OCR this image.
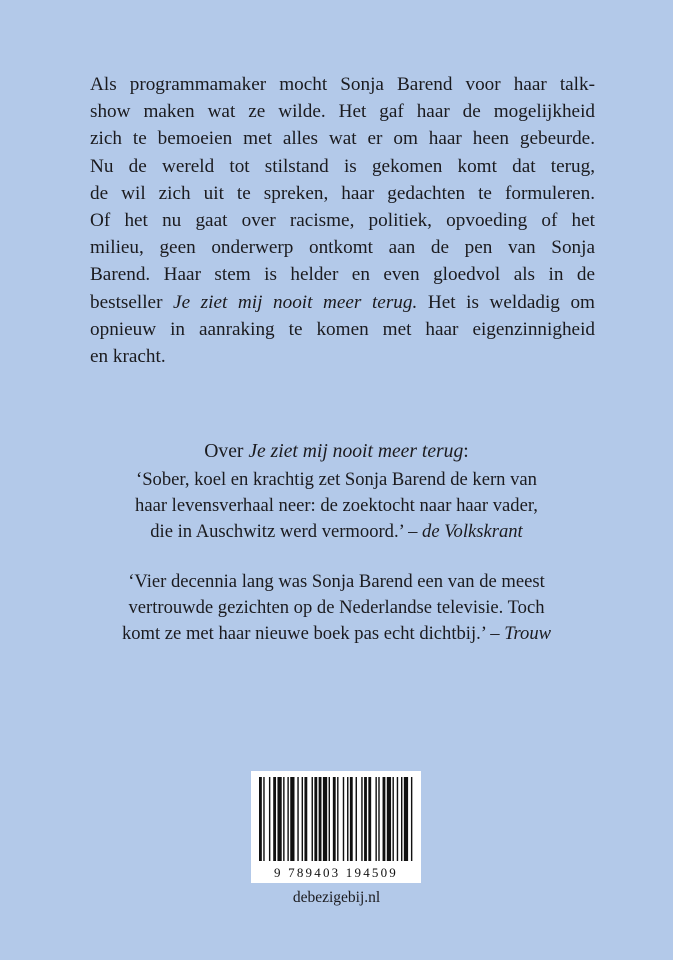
Als programmamaker mocht Sonja Barend voor haar talk-
show maken wat ze wilde. Het gaf haar de mogelijkheid
zich te bemoeien met alles wat er om haar heen gebeurde.
Nu de wereld tot stilstand is gekomen komt dat terug,
de wil zich uit te spreken, haar gedachten te formuleren.
Of het nu gaat over racisme, politiek, opvoeding of het
milieu, geen onderwerp ontkomt aan de pen van Sonja
Barend. Haar stem is helder en even gloedvol als in de
bestseller Je ziet mij nooit meer terug. Het is weldadig om
opnieuw in aanraking te komen met haar eigenzinnigheid
en kracht.
Over Je ziet mij nooit meer terug:
‘Sober, koel en krachtig zet Sonja Barend de kern van
haar levensverhaal neer: de zoektocht naar haar vader,
die in Auschwitz werd vermoord.’ – de Volkskrant
‘Vier decennia lang was Sonja Barend een van de meest
vertrouwde gezichten op de Nederlandse televisie. Toch
komt ze met haar nieuwe boek pas echt dichtbij.’ – Trouw
9 789403 194509
debezigebij.nl
